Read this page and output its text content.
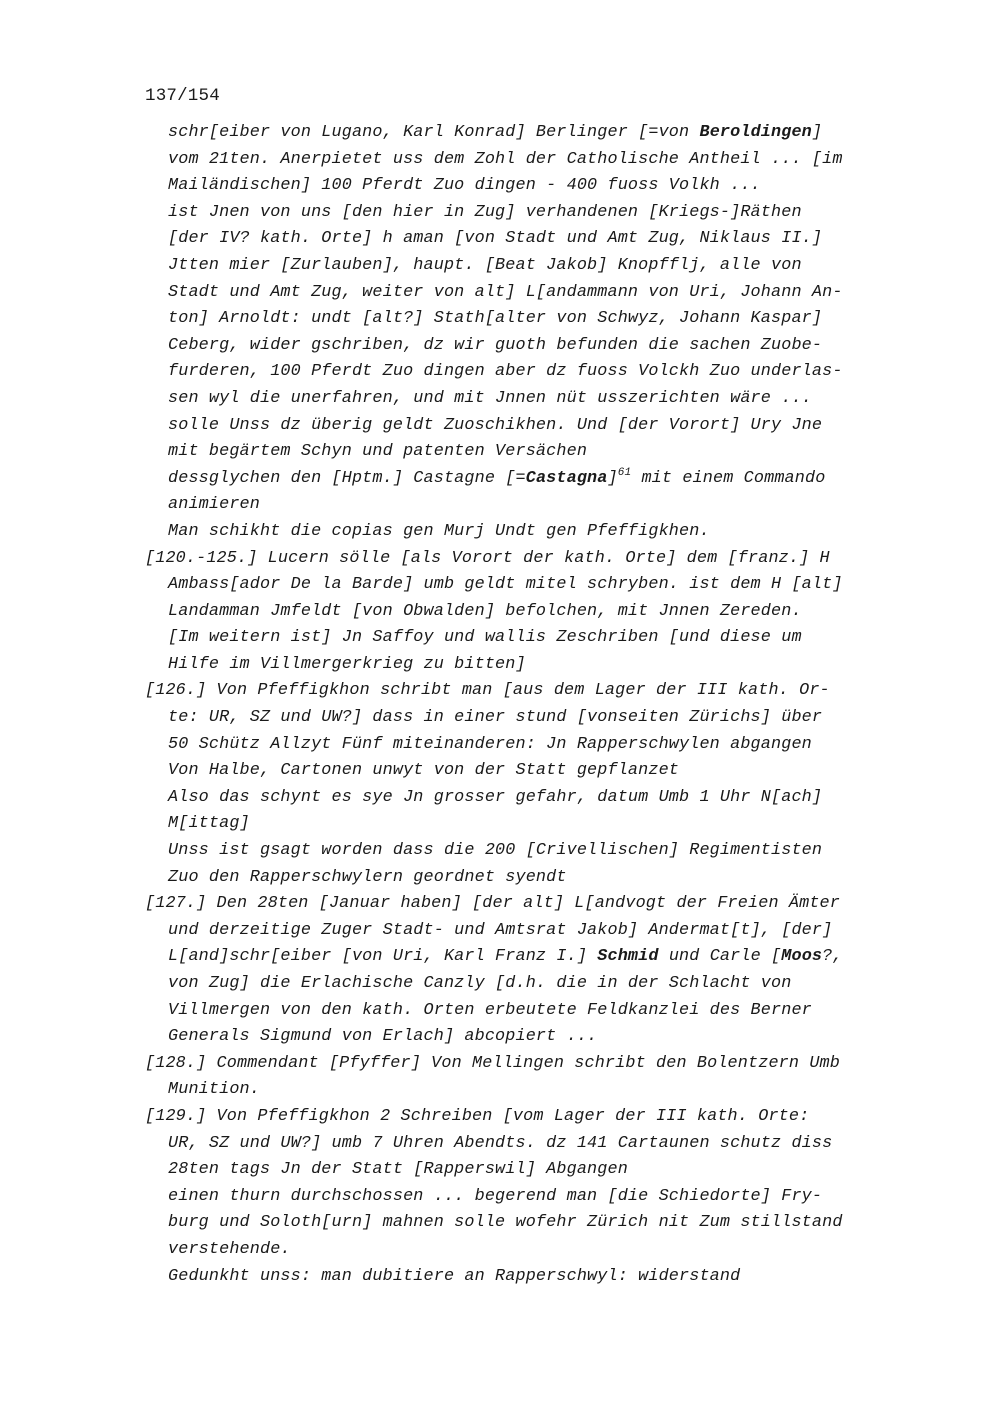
137/154
schr[eiber von Lugano, Karl Konrad] Berlinger [=von Beroldingen]
vom 21ten. Anerpietet uss dem Zohl der Catholische Antheil ... [im
Mailändischen] 100 Pferdt Zuo dingen - 400 fuoss Volkh ...
ist Jnen von uns [den hier in Zug] verhandenen [Kriegs-]Räthen
[der IV? kath. Orte] h aman [von Stadt und Amt Zug, Niklaus II.]
Jtten mier [Zurlauben], haupt. [Beat Jakob] Knopfflj, alle von
Stadt und Amt Zug, weiter von alt] L[andammann von Uri, Johann An-
ton] Arnoldt: undt [alt?] Stath[alter von Schwyz, Johann Kaspar]
Ceberg, wider gschriben, dz wir guoth befunden die sachen Zuobe-
furderen, 100 Pferdt Zuo dingen aber dz fuoss Volckh Zuo underlas-
sen wyl die unerfahren, und mit Jnnen nüt usszerichten wäre ...
solle Unss dz überig geldt Zuoschikhen. Und [der Vorort] Ury Jne
mit begärtem Schyn und patenten Versächen
dessglychen den [Hptm.] Castagne [=Castagna]$^{61}$ mit einem Commando
animieren
Man schikht die copias gen Murj Undt gen Pfeffigkhen.
[120.-125.] Lucern sölle [als Vorort der kath. Orte] dem [franz.] H
Ambass[ador De la Barde] umb geldt mitel schryben. ist dem H [alt]
Landamman Jmfeldt [von Obwalden] befolchen, mit Jnnen Zereden.
[Im weitern ist] Jn Saffoy und wallis Zeschriben [und diese um
Hilfe im Villmergerkrieg zu bitten]
[126.] Von Pfeffigkhon schribt man [aus dem Lager der III kath. Or-
te: UR, SZ und UW?] dass in einer stund [vonseiten Zürichs] über
50 Schütz Allzyt Fünf miteinanderen: Jn Rapperschwylen abgangen
Von Halbe, Cartonen unwyt von der Statt gepflanzet
Also das schynt es sye Jn grosser gefahr, datum Umb 1 Uhr N[ach]
M[ittag]
Unss ist gsagt worden dass die 200 [Crivellischen] Regimentisten
Zuo den Rapperschwylern geordnet syendt
[127.] Den 28ten [Januar haben] [der alt] L[andvogt der Freien Ämter
und derzeitige Zuger Stadt- und Amtsrat Jakob] Andermat[t], [der]
L[and]schr[eiber [von Uri, Karl Franz I.] Schmid und Carle [Moos?,
von Zug] die Erlachische Canzly [d.h. die in der Schlacht von
Villmergen von den kath. Orten erbeutete Feldkanzlei des Berner
Generals Sigmund von Erlach] abcopiert ...
[128.] Commendant [Pfyffer] Von Mellingen schribt den Bolentzern Umb
Munition.
[129.] Von Pfeffigkhon 2 Schreiben [vom Lager der III kath. Orte:
UR, SZ und UW?] umb 7 Uhren Abendts. dz 141 Cartaunen schutz diss
28ten tags Jn der Statt [Rapperswil] Abgangen
einen thurn durchschossen ... begerend man [die Schiedorte] Fry-
burg und Soloth[urn] mahnen solle wofehr Zürich nit Zum stillstand
verstehende.
Gedunkht unss: man dubitiere an Rapperschwyl: widerstand
